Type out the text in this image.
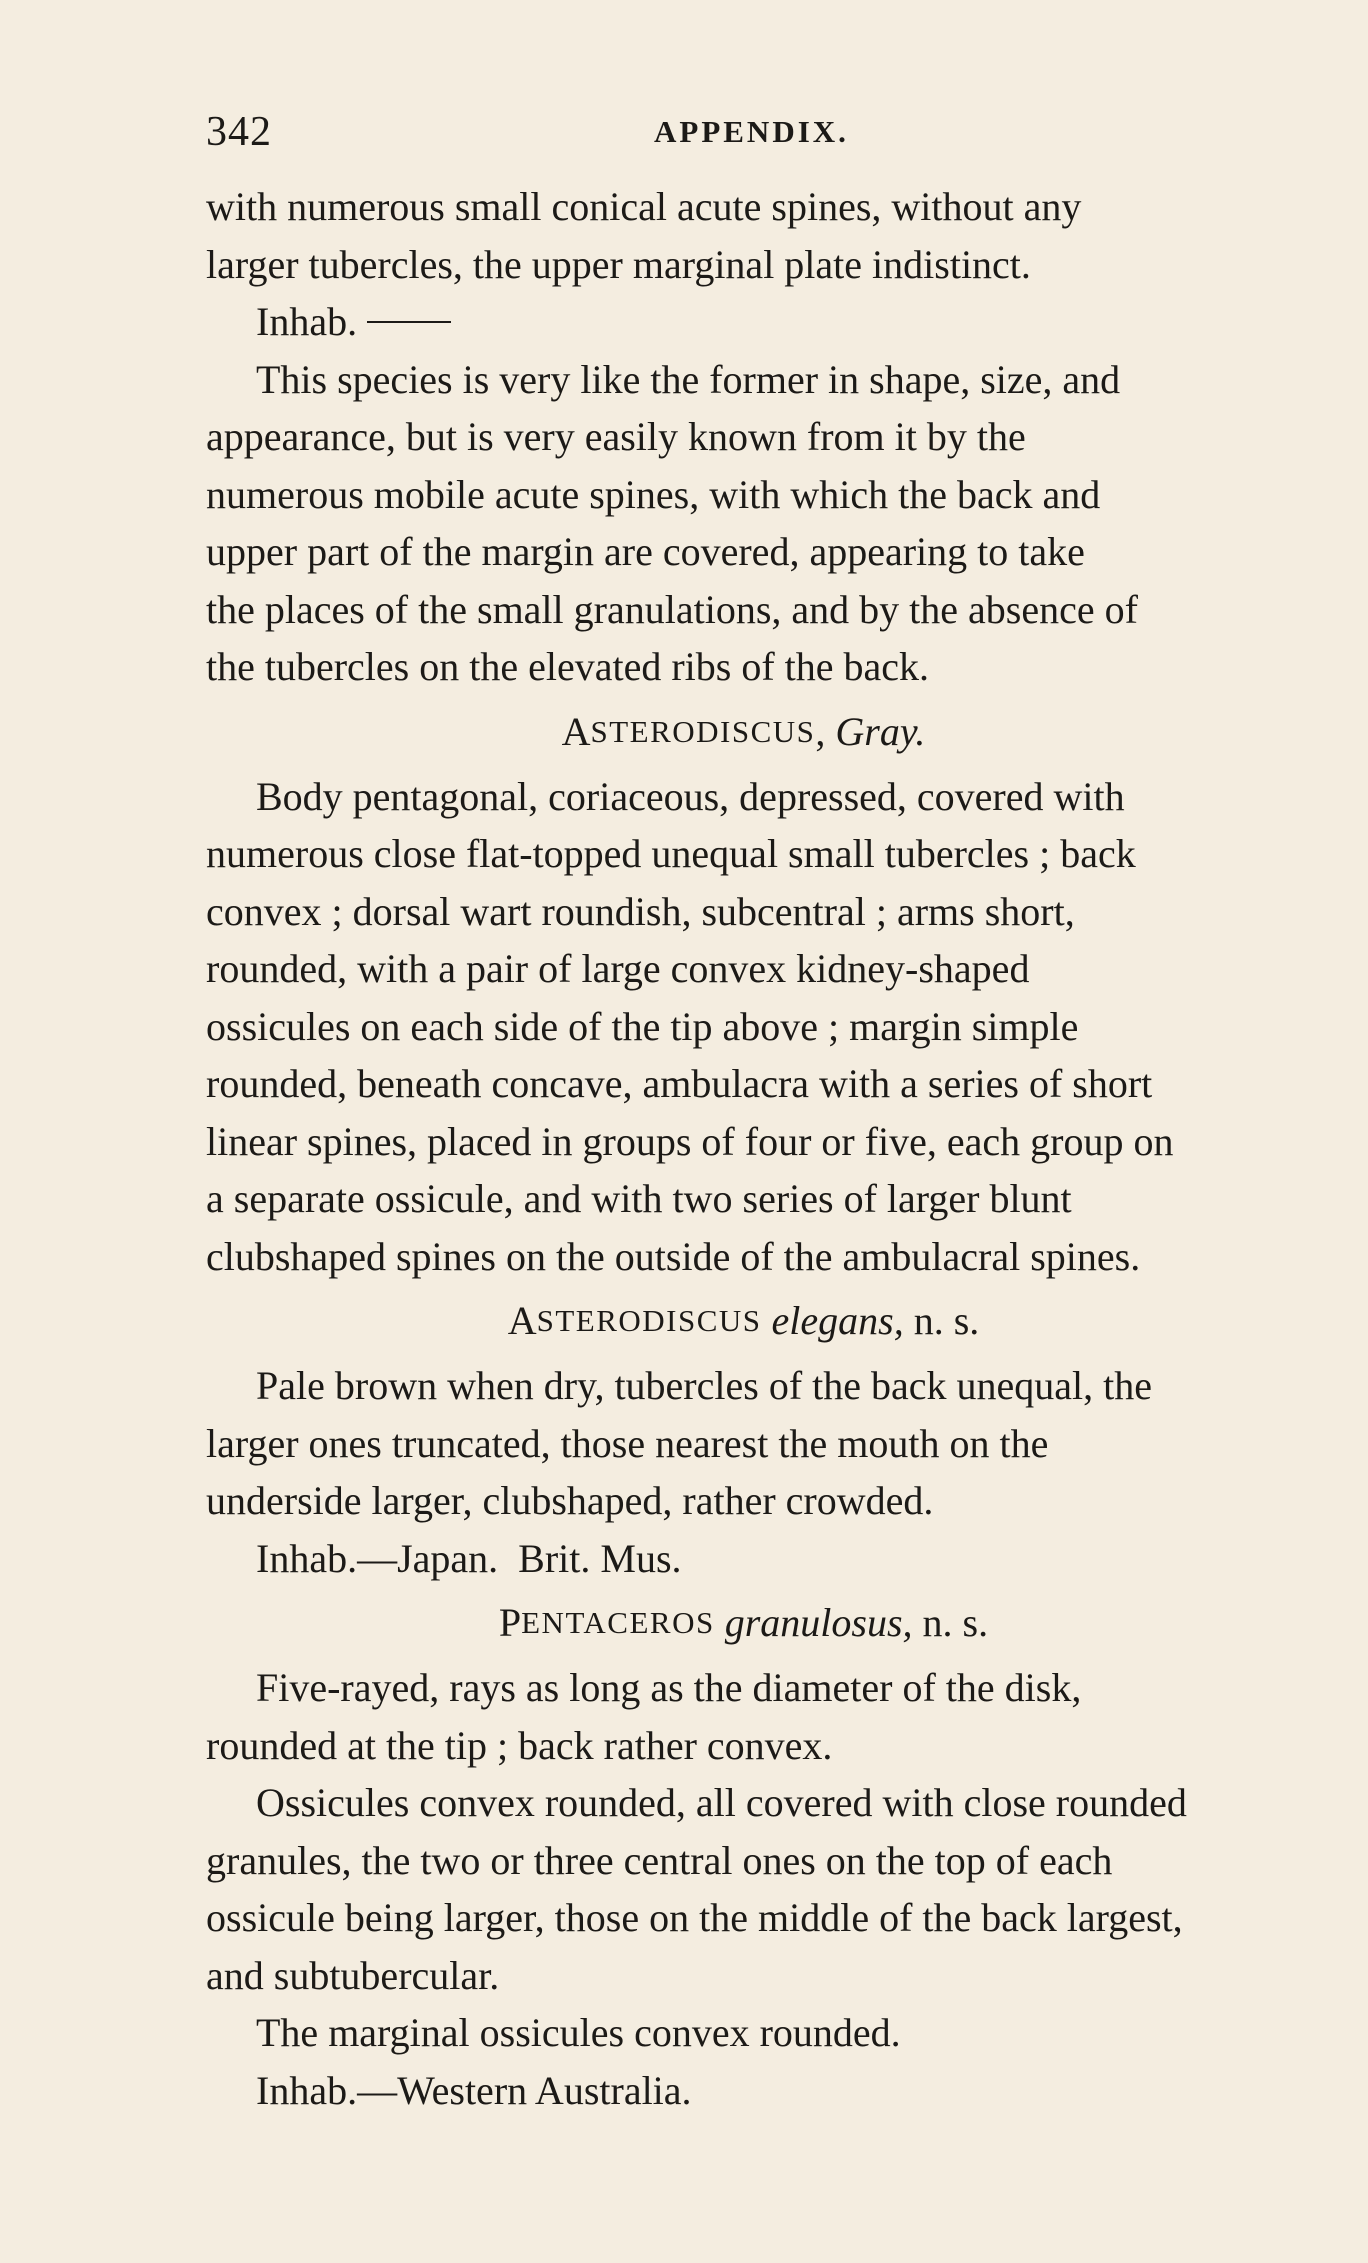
342	APPENDIX.
with numerous small conical acute spines, without any
larger tubercles, the upper marginal plate indistinct.
Inhab.
This species is very like the former in shape, size, and
appearance, but is very easily known from it by the
numerous mobile acute spines, with which the back and
upper part of the margin are covered, appearing to take
the places of the small granulations, and by the absence of
the tubercles on the elevated ribs of the back.
A STERODISCUS , Gray.
Body pentagonal, coriaceous, depressed, covered with
numerous close flat-topped unequal small tubercles ; back
convex ; dorsal wart roundish, subcentral ; arms short,
rounded, with a pair of large convex kidney-shaped
ossicules on each side of the tip above ; margin simple
rounded, beneath concave, ambulacra with a series of short
linear spines, placed in groups of four or five, each group on
a separate ossicule, and with two series of larger blunt
clubshaped spines on the outside of the ambulacral spines.
A STERODISCUS
elegans,
n. s.
Pale brown when dry, tubercles of the back unequal, the
larger ones truncated, those nearest the mouth on the
underside larger, clubshaped, rather crowded.
Inhab.—Japan.  Brit. Mus.
P ENTACEROS
granulosus,
n. s.
Five-rayed, rays as long as the diameter of the disk,
rounded at the tip ; back rather convex.
Ossicules convex rounded, all covered with close rounded
granules, the two or three central ones on the top of each
ossicule being larger, those on the middle of the back largest,
and subtubercular.
The marginal ossicules convex rounded.
Inhab.—Western Australia.
